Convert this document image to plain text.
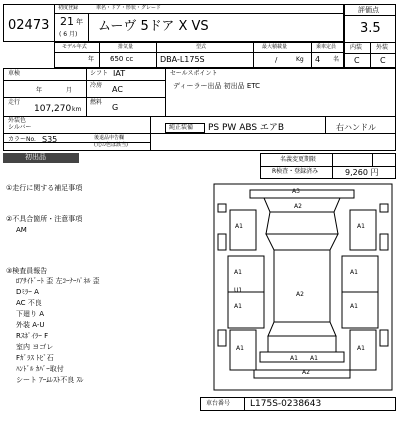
初度登録	車名・ドア・形状・グレード
02473 21 年
( 6 月)
ムーヴ 5ドア X VS
評価点
3.5
内装 外装
C	C
モデル年式	排気量	型式	最大積載量	乗車定員
年 650 cc	DBA-L175S	/	Kg 4 名
車検	シフト IAT
年	月
冷房 AC
走行
107,270 km
燃料
G
セールスポイント
ディーラー出品 初出品 ETC
外装色
シルバー	純正装備 PS PW ABS エアB	右ハンドル
カラーNo. S35	後退品申告欄
(元の色は該当)
初出品	名義変更期限
R検査・登録済み	9,260 円
①走行に関する補足事項
②不具合箇所・注意事項
AM
③検査員報告
ﾛｱｻｲﾄﾞｰﾄ 歪 左ｺｰﾅｰﾊﾟﾈﾙ 歪
Dﾐﾗｰ A
AC 不良
下廻り A
外装 A-U
Rｽﾎﾟｲﾗｰ F
室内 ヨゴレ
Fｶﾞﾗｽ ﾄﾋﾞ石
ﾊﾝﾄﾞﾙ ｶﾊﾞｰ取付
シート ｱｰﾑﾚｽﾄ不良 ｽﾚ
車台番号 L175S-0238643
A3
A2
A1	A1
A1	A1
U1
A1	A1
A1	A1
A2
A1 A1
A2
